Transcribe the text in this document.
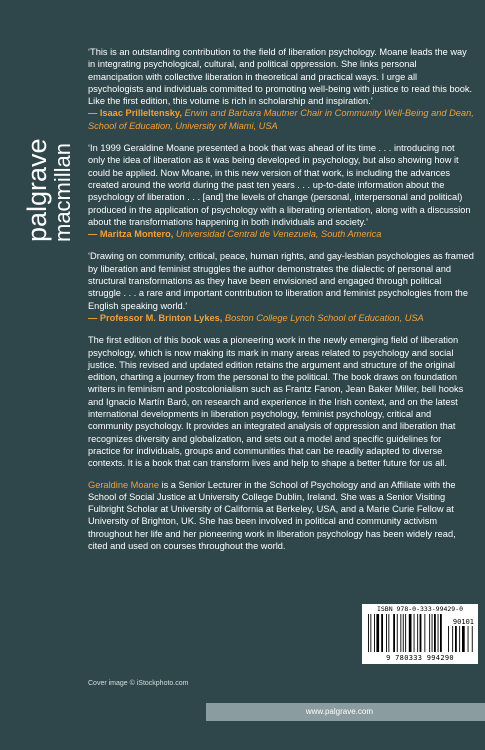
palgrave
macmillan

‘This is an outstanding contribution to the field of liberation psychology. Moane leads the way in integrating psychological, cultural, and political oppression. She links personal emancipation with collective liberation in theoretical and practical ways. I urge all psychologists and individuals committed to promoting well-being with justice to read this book. Like the first edition, this volume is rich in scholarship and inspiration.’

— Isaac Prilleltensky, Erwin and Barbara Mautner Chair in Community Well-Being and Dean, School of Education, University of Miami, USA

‘In 1999 Geraldine Moane presented a book that was ahead of its time . . . introducing not only the idea of liberation as it was being developed in psychology, but also showing how it could be applied. Now Moane, in this new version of that work, is including the advances created around the world during the past ten years . . . up-to-date information about the psychology of liberation . . . [and] the levels of change (personal, interpersonal and political) produced in the application of psychology with a liberating orientation, along with a discussion about the transformations happening in both individuals and society.’

— Maritza Montero, Universidad Central de Venezuela, South America

‘Drawing on community, critical, peace, human rights, and gay-lesbian psychologies as framed by liberation and feminist struggles the author demonstrates the dialectic of personal and structural transformations as they have been envisioned and engaged through political struggle . . . a rare and important contribution to liberation and feminist psychologies from the English speaking world.’

— Professor M. Brinton Lykes, Boston College Lynch School of Education, USA

The first edition of this book was a pioneering work in the newly emerging field of liberation psychology, which is now making its mark in many areas related to psychology and social justice. This revised and updated edition retains the argument and structure of the original edition, charting a journey from the personal to the political. The book draws on foundation writers in feminism and postcolonialism such as Frantz Fanon, Jean Baker Miller, bell hooks and Ignacio Martín Baró, on research and experience in the Irish context, and on the latest international developments in liberation psychology, feminist psychology, critical and community psychology. It provides an integrated analysis of oppression and liberation that recognizes diversity and globalization, and sets out a model and specific guidelines for practice for individuals, groups and communities that can be readily adapted to diverse contexts. It is a book that can transform lives and help to shape a better future for us all.

Geraldine Moane is a Senior Lecturer in the School of Psychology and an Affiliate with the School of Social Justice at University College Dublin, Ireland. She was a Senior Visiting Fulbright Scholar at University of California at Berkeley, USA, and a Marie Curie Fellow at University of Brighton, UK. She has been involved in political and community activism throughout her life and her pioneering work in liberation psychology has been widely read, cited and used on courses throughout the world.

ISBN 978-0-333-99429-0
90101
9 780333 994290
Cover image © iStockphoto.com
www.palgrave.com
